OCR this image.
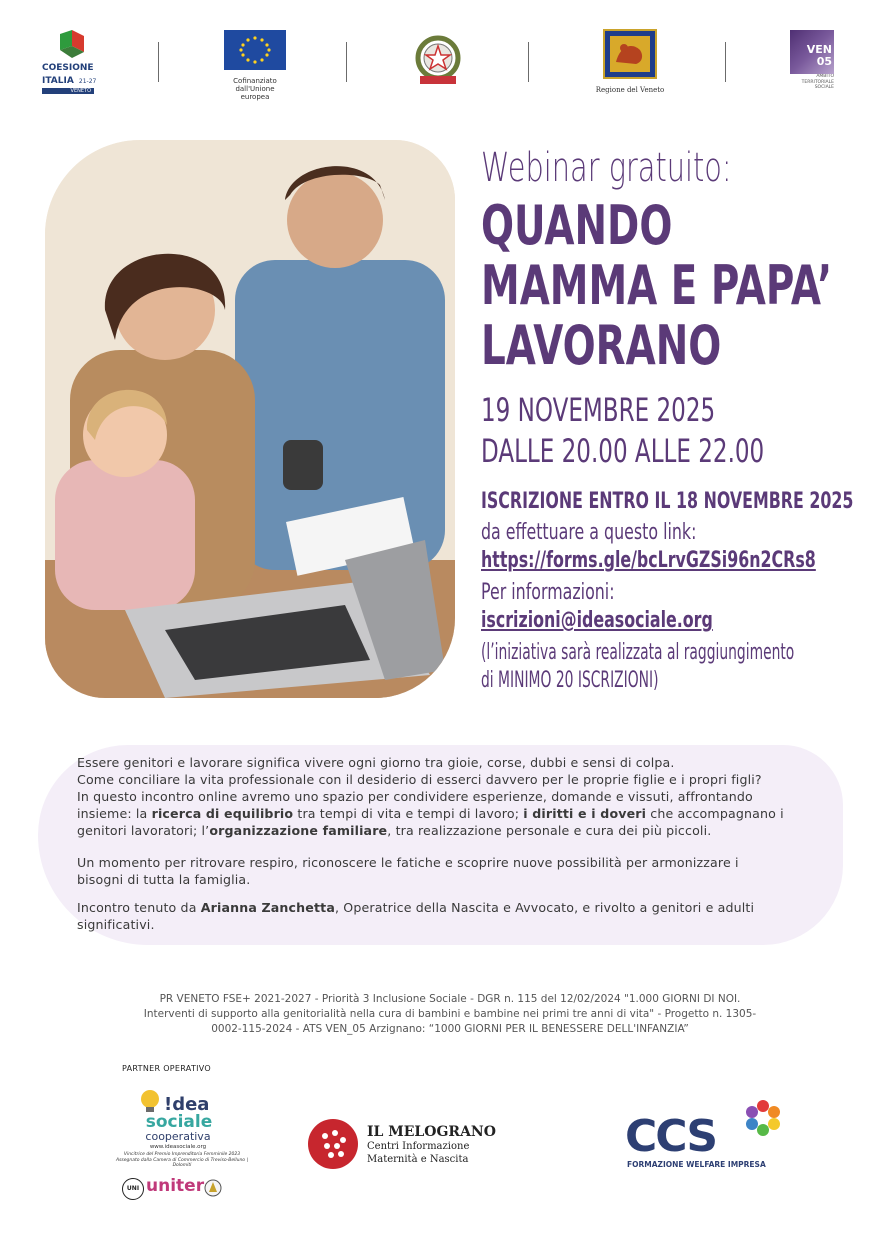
COESIONE
ITALIA 21-27
VENETO
Cofinanziato
dall'Unione europea
Regione del Veneto
VEN
05
AMBITO
TERRITORIALE
SOCIALE
Webinar gratuito:
QUANDO
MAMMA E PAPA’
LAVORANO
19 NOVEMBRE 2025
DALLE 20.00 ALLE 22.00
ISCRIZIONE ENTRO IL 18 NOVEMBRE 2025
da effettuare a questo link:
https://forms.gle/bcLrvGZSi96n2CRs8
Per informazioni:
iscrizioni@ideasociale.org
(l’iniziativa sarà realizzata al raggiungimento
di MINIMO 20 ISCRIZIONI)
Essere genitori e lavorare significa vivere ogni giorno tra gioie, corse, dubbi e sensi di colpa.
Come conciliare la vita professionale con il desiderio di esserci davvero per le proprie figlie e i propri figli?
In questo incontro online avremo uno spazio per condividere esperienze, domande e vissuti, affrontando
insieme: la ricerca di equilibrio tra tempi di vita e tempi di lavoro; i diritti e i doveri che accompagnano i
genitori lavoratori; l’organizzazione familiare, tra realizzazione personale e cura dei più piccoli.
Un momento per ritrovare respiro, riconoscere le fatiche e scoprire nuove possibilità per armonizzare i
bisogni di tutta la famiglia.
Incontro tenuto da Arianna Zanchetta, Operatrice della Nascita e Avvocato, e rivolto a genitori e adulti
significativi.
PR VENETO FSE+ 2021-2027 - Priorità 3 Inclusione Sociale - DGR n. 115 del 12/02/2024 "1.000 GIORNI DI NOI.
Interventi di supporto alla genitorialità nella cura di bambini e bambine nei primi tre anni di vita" - Progetto n. 1305-
0002-115-2024 - ATS VEN_05 Arzignano: “1000 GIORNI PER IL BENESSERE DELL'INFANZIA”
PARTNER OPERATIVO
!dea
sociale
cooperativa
www.ideasociale.org
Vincitrice del Premio Imprenditoria Femminile 2023
Assegnato dalla Camera di Commercio di Treviso-Belluno | Dolomiti
UNI uniter
IL MELOGRANO
Centri Informazione
Maternità e Nascita	CCS
FORMAZIONE WELFARE IMPRESA
